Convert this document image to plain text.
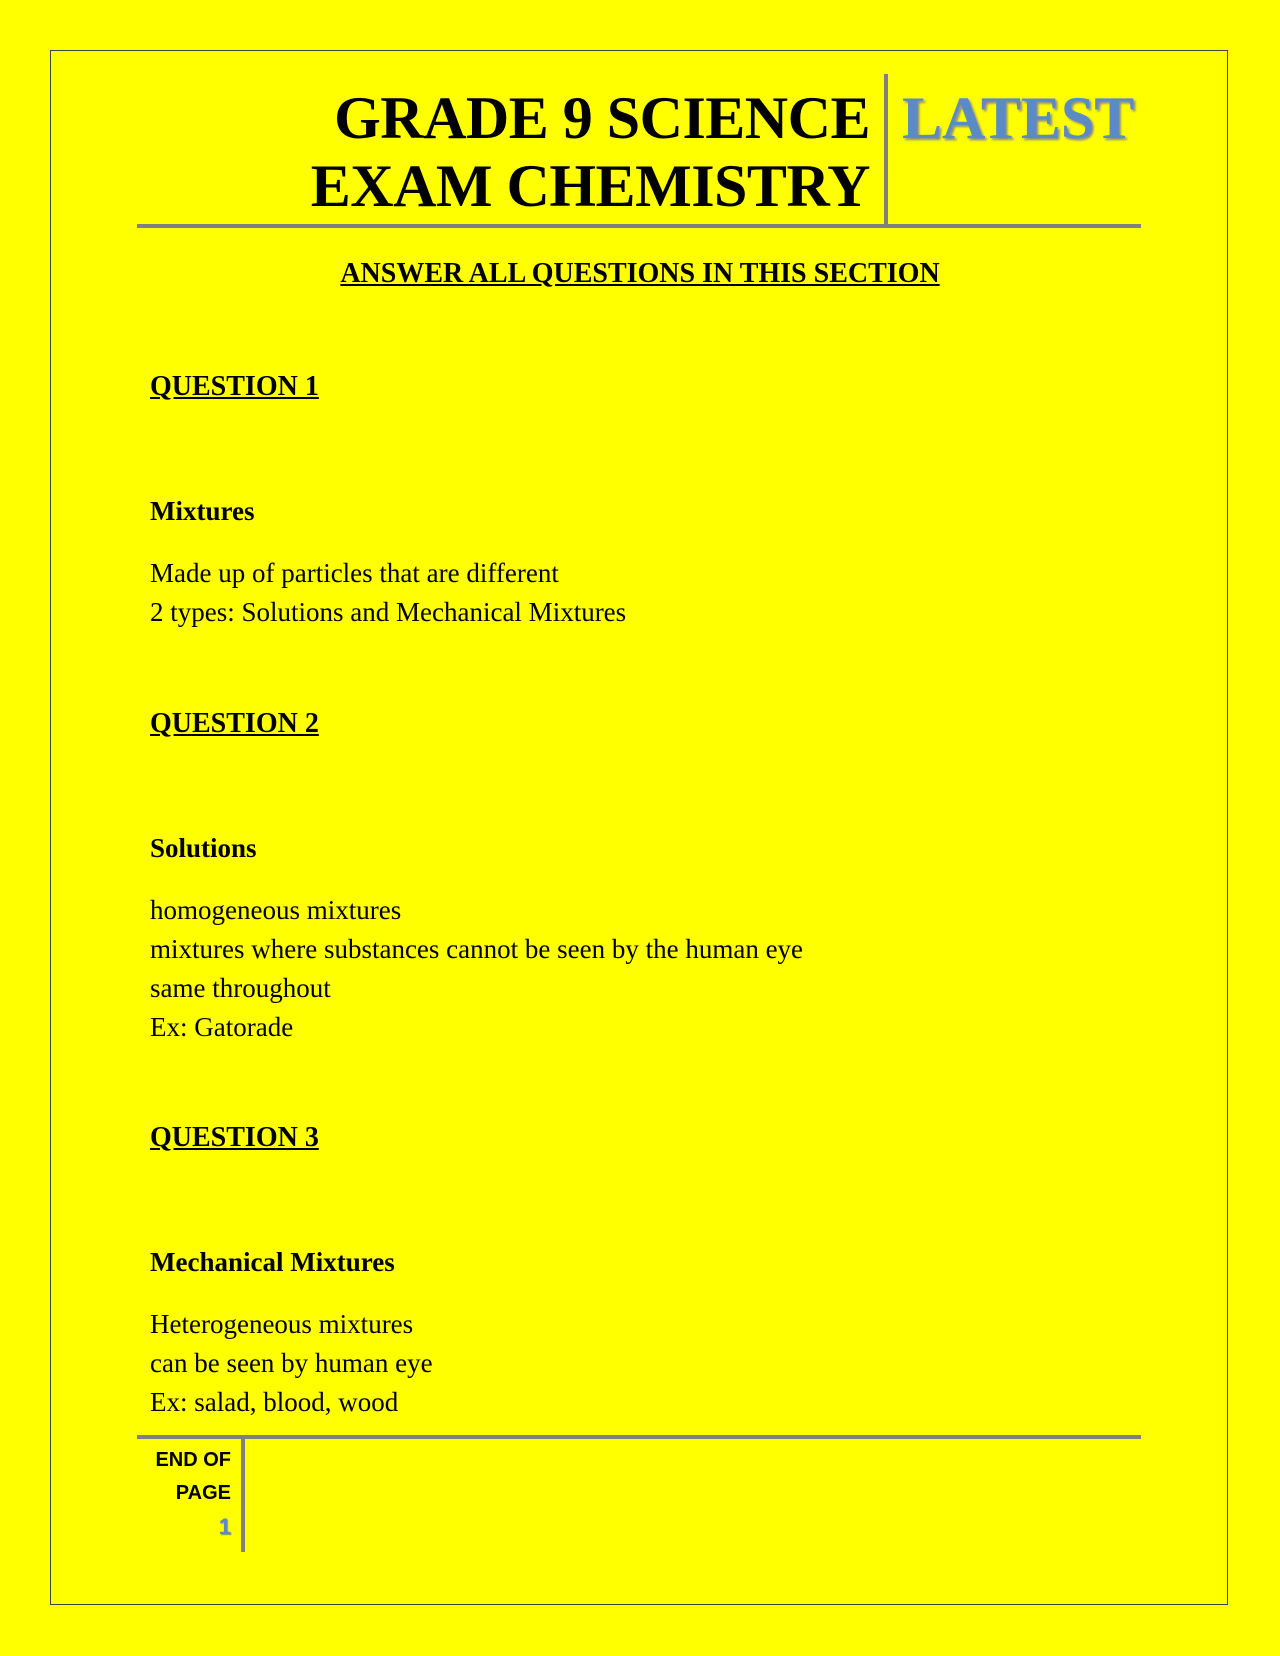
GRADE 9 SCIENCE
EXAM CHEMISTRY
LATEST
ANSWER ALL QUESTIONS IN THIS SECTION
QUESTION 1
Mixtures
Made up of particles that are different
2 types: Solutions and Mechanical Mixtures
QUESTION 2
Solutions
homogeneous mixtures
mixtures where substances cannot be seen by the human eye
same throughout
Ex: Gatorade
QUESTION 3
Mechanical Mixtures
Heterogeneous mixtures
can be seen by human eye
Ex: salad, blood, wood
END OF
PAGE
1
